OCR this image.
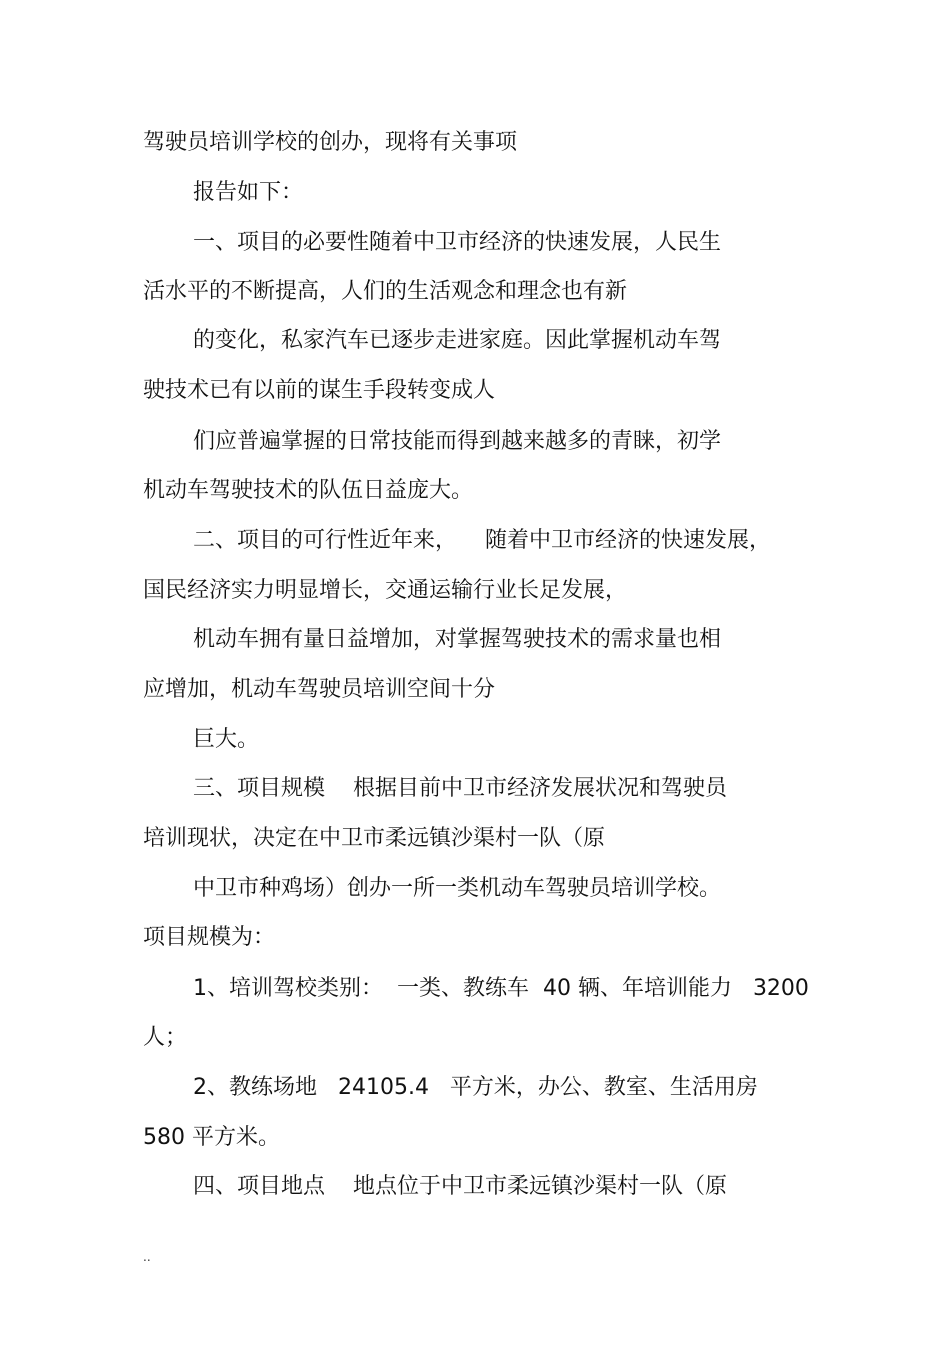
驾驶员培训学校的创办，现将有关事项

报告如下：

一、项目的必要性随着中卫市经济的快速发展，人民生

活水平的不断提高，人们的生活观念和理念也有新

的变化，私家汽车已逐步走进家庭。因此掌握机动车驾

驶技术已有以前的谋生手段转变成人

们应普遍掌握的日常技能而得到越来越多的青睐，初学

机动车驾驶技术的队伍日益庞大。

二、项目的可行性近年来，    随着中卫市经济的快速发展，

国民经济实力明显增长，交通运输行业长足发展，

机动车拥有量日益增加，对掌握驾驶技术的需求量也相

应增加，机动车驾驶员培训空间十分

巨大。

三、项目规模    根据目前中卫市经济发展状况和驾驶员

培训现状，决定在中卫市柔远镇沙渠村一队（原

中卫市种鸡场）创办一所一类机动车驾驶员培训学校。

项目规模为：

1、培训驾校类别：  一类、教练车  40 辆、年培训能力   3200

人；

2、教练场地   24105.4   平方米，办公、教室、生活用房

580 平方米。

四、项目地点    地点位于中卫市柔远镇沙渠村一队（原

..
